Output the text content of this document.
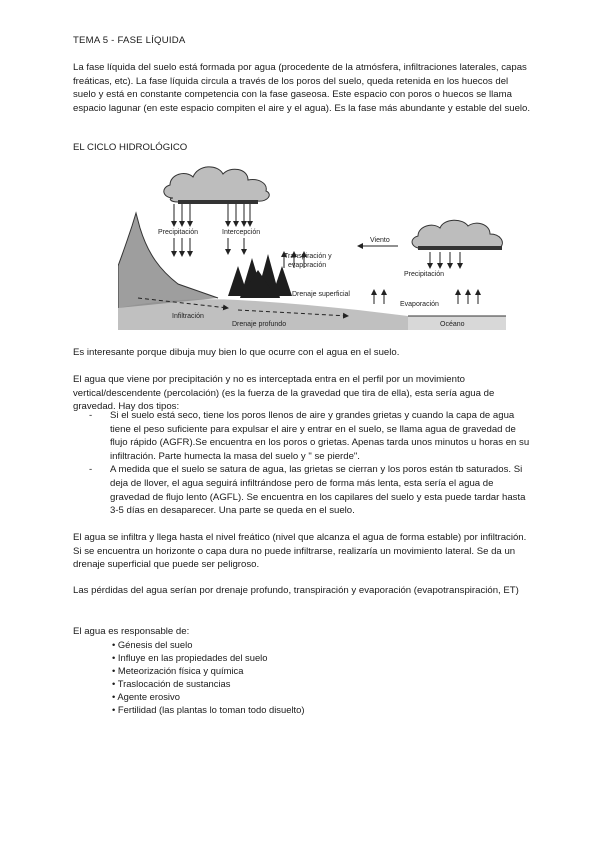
TEMA 5 - FASE LÍQUIDA

La fase líquida del suelo está formada por agua (procedente de la atmósfera, infiltraciones laterales, capas freáticas, etc). La fase líquida circula a través de los poros del suelo, queda retenida en los huecos del suelo y está en constante competencia con la fase gaseosa. Este espacio con poros o huecos se llama espacio lagunar (en este espacio compiten el aire y el agua). Es la fase más abundante y estable del suelo.

EL CICLO HIDROLÓGICO

Precipitación	Intercepción
Transpiración y
evaporación
Viento
Precipitación
Drenaje superficial
Evaporación
Infiltración
Drenaje profundo	Océano

Es interesante porque dibuja muy bien lo que ocurre con el agua en el suelo.

El agua que viene por precipitación y no es interceptada entra en el perfil por un movimiento vertical/descendente (percolación) (es la fuerza de la gravedad que tira de ella), esta sería agua de gravedad. Hay dos tipos:

- Si el suelo está seco, tiene los poros llenos de aire y grandes grietas y cuando la capa de agua tiene el peso suficiente para expulsar el aire y entrar en el suelo, se llama agua de gravedad de flujo rápido (AGFR).Se encuentra en los poros o grietas. Apenas tarda unos minutos u horas en su infiltración. Parte humecta la masa del suelo y " se pierde".
- A medida que el suelo se satura de agua, las grietas se cierran y los poros están tb saturados. Si deja de llover, el agua seguirá infiltrándose pero de forma más lenta, esta sería el agua de gravedad de flujo lento (AGFL). Se encuentra en los capilares del suelo y esta puede tardar hasta 3-5 días en desaparecer. Una parte se queda en el suelo.

El agua se infiltra y llega hasta el nivel freático (nivel que alcanza el agua de forma estable) por infiltración. Si se encuentra un horizonte o capa dura no puede infiltrarse, realizaría un movimiento lateral. Se da un drenaje superficial que puede ser peligroso.

Las pérdidas del agua serían por drenaje profundo, transpiración y evaporación (evapotranspiración, ET)

El agua es responsable de:

• Génesis del suelo
• Influye en las propiedades del suelo
• Meteorización física y química
• Traslocación de sustancias
• Agente erosivo
• Fertilidad (las plantas lo toman todo disuelto)
